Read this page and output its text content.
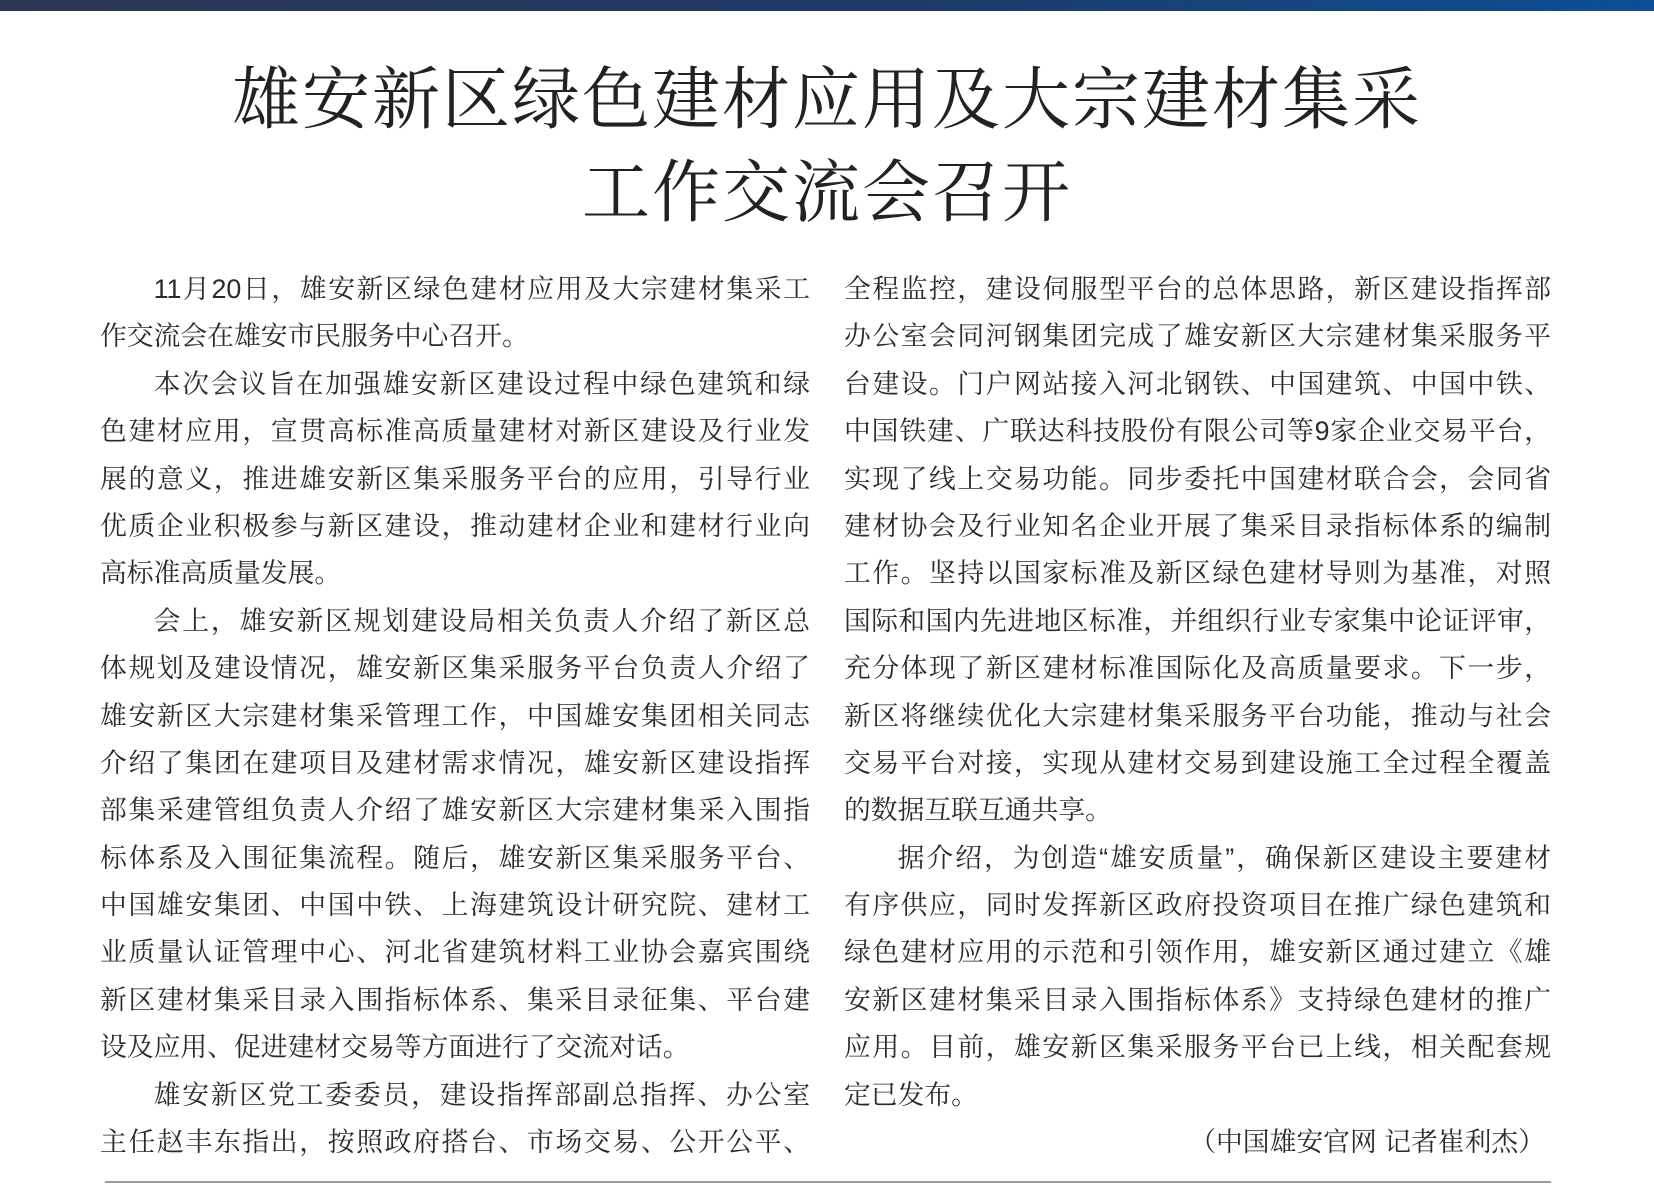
雄安新区绿色建材应用及大宗建材集采
工作交流会召开
11月20日，雄安新区绿色建材应用及大宗建材集采工
作交流会在雄安市民服务中心召开。
本次会议旨在加强雄安新区建设过程中绿色建筑和绿
色建材应用，宣贯高标准高质量建材对新区建设及行业发
展的意义，推进雄安新区集采服务平台的应用，引导行业
优质企业积极参与新区建设，推动建材企业和建材行业向
高标准高质量发展。
会上，雄安新区规划建设局相关负责人介绍了新区总
体规划及建设情况，雄安新区集采服务平台负责人介绍了
雄安新区大宗建材集采管理工作，中国雄安集团相关同志
介绍了集团在建项目及建材需求情况，雄安新区建设指挥
部集采建管组负责人介绍了雄安新区大宗建材集采入围指
标体系及入围征集流程。随后，雄安新区集采服务平台、
中国雄安集团、中国中铁、上海建筑设计研究院、建材工
业质量认证管理中心、河北省建筑材料工业协会嘉宾围绕
新区建材集采目录入围指标体系、集采目录征集、平台建
设及应用、促进建材交易等方面进行了交流对话。
雄安新区党工委委员，建设指挥部副总指挥、办公室
主任赵丰东指出，按照政府搭台、市场交易、公开公平、
全程监控，建设伺服型平台的总体思路，新区建设指挥部
办公室会同河钢集团完成了雄安新区大宗建材集采服务平
台建设。门户网站接入河北钢铁、中国建筑、中国中铁、
中国铁建、广联达科技股份有限公司等9家企业交易平台，
实现了线上交易功能。同步委托中国建材联合会，会同省
建材协会及行业知名企业开展了集采目录指标体系的编制
工作。坚持以国家标准及新区绿色建材导则为基准，对照
国际和国内先进地区标准，并组织行业专家集中论证评审，
充分体现了新区建材标准国际化及高质量要求。下一步，
新区将继续优化大宗建材集采服务平台功能，推动与社会
交易平台对接，实现从建材交易到建设施工全过程全覆盖
的数据互联互通共享。
据介绍，为创造“雄安质量”，确保新区建设主要建材
有序供应，同时发挥新区政府投资项目在推广绿色建筑和
绿色建材应用的示范和引领作用，雄安新区通过建立《雄
安新区建材集采目录入围指标体系》支持绿色建材的推广
应用。目前，雄安新区集采服务平台已上线，相关配套规
定已发布。
（中国雄安官网 记者崔利杰）
